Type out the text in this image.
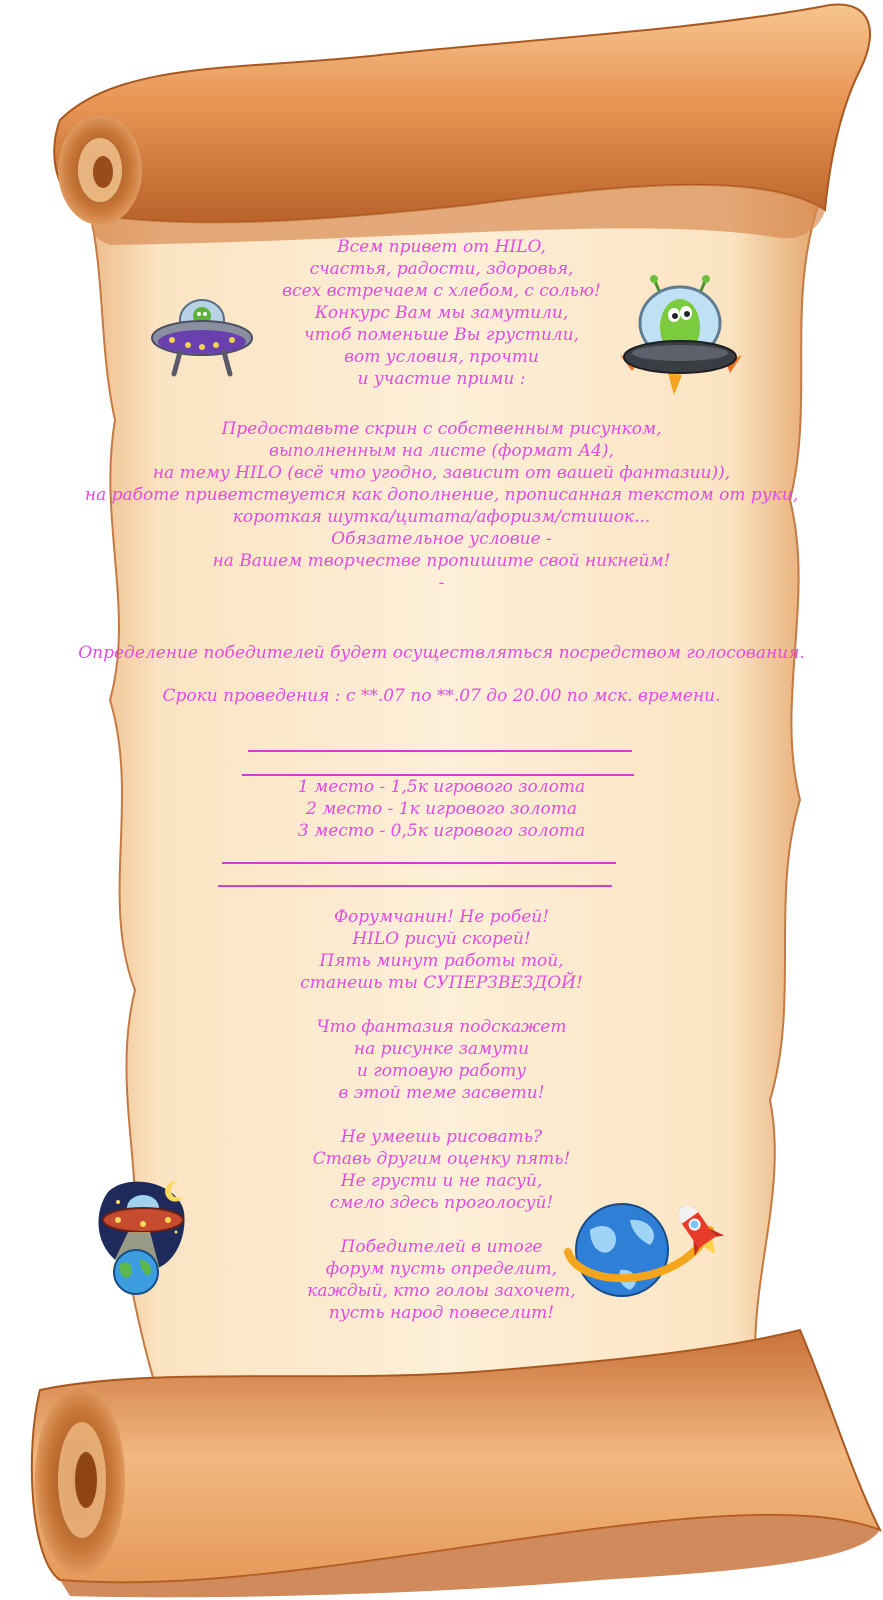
Всем привет от HILO,
счастья, радости, здоровья,
всех встречаем с хлебом, с солью!
Конкурс Вам мы замутили,
чтоб поменьше Вы грустили,
вот условия, прочти
и участие прими :
Предоставьте скрин с собственным рисунком,
выполненным на листе (формат А4),
на тему HILO (всё что угодно, зависит от вашей фантазии)),
на работе приветствуется как дополнение, прописанная текстом от руки,
короткая шутка/цитата/афоризм/стишок...
Обязательное условие -
на Вашем творчестве пропишите свой никнейм!
-
Определение победителей будет осуществляться посредством голосования.
Сроки проведения : с **.07 по **.07 до 20.00 по мск. времени.
1 место - 1,5к игрового золота
2 место - 1к игрового золота
3 место - 0,5к игрового золота
Форумчанин! Не робей!
HILO рисуй скорей!
Пять минут работы той,
станешь ты СУПЕРЗВЕЗДОЙ!
Что фантазия подскажет
на рисунке замути
и готовую работу
в этой теме засвети!
Не умеешь рисовать?
Ставь другим оценку пять!
Не грусти и не пасуй,
смело здесь проголосуй!
Победителей в итоге
форум пусть определит,
каждый, кто голоы захочет,
пусть народ повеселит!
